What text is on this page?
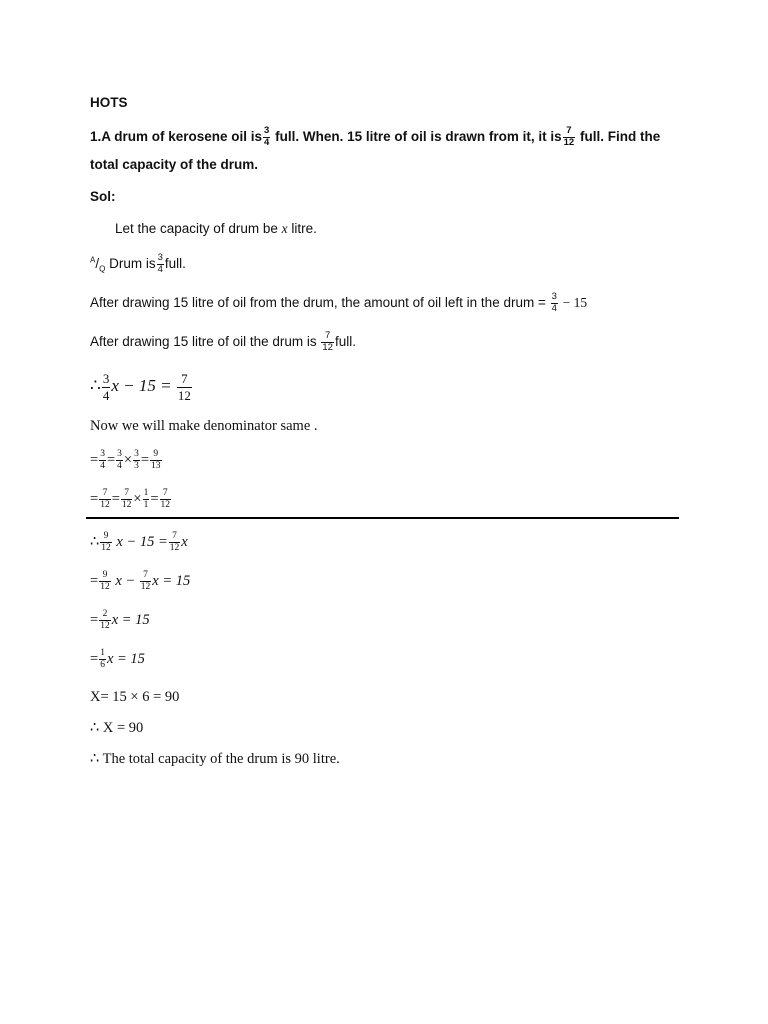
HOTS
1.A drum of kerosene oil is $\frac{3}{4}$ full. When. 15 litre of oil is drawn from it, it is $\frac{7}{12}$ full. Find the
total capacity of the drum.
Sol:
Let the capacity of drum be x litre.
$^A/_Q$ Drum is $\frac{3}{4}$ full.
After drawing 15 litre of oil from the drum, the amount of oil left in the drum = $\frac{3}{4} - 15$
After drawing 15 litre of oil the drum is $\frac{7}{12}$ full.
∴ $\frac{3}{4}$ $x - 15 = \frac{7}{12}$
Now we will make denominator same .
= $\frac{3}{4} = \frac{3}{4} \times \frac{3}{3} = \frac{9}{13}$
= $\frac{7}{12} = \frac{7}{12} \times \frac{1}{1} = \frac{7}{12}$
∴ $\frac{9}{12}$ $x - 15 = \frac{7}{12}$ x
= $\frac{9}{12}$ $x - \frac{7}{12}$ x = 15
= $\frac{2}{12}$ x = 15
= $\frac{1}{6}$ x = 15
X= 15 × 6 = 90
∴ X = 90
∴ The total capacity of the drum is 90 litre.
